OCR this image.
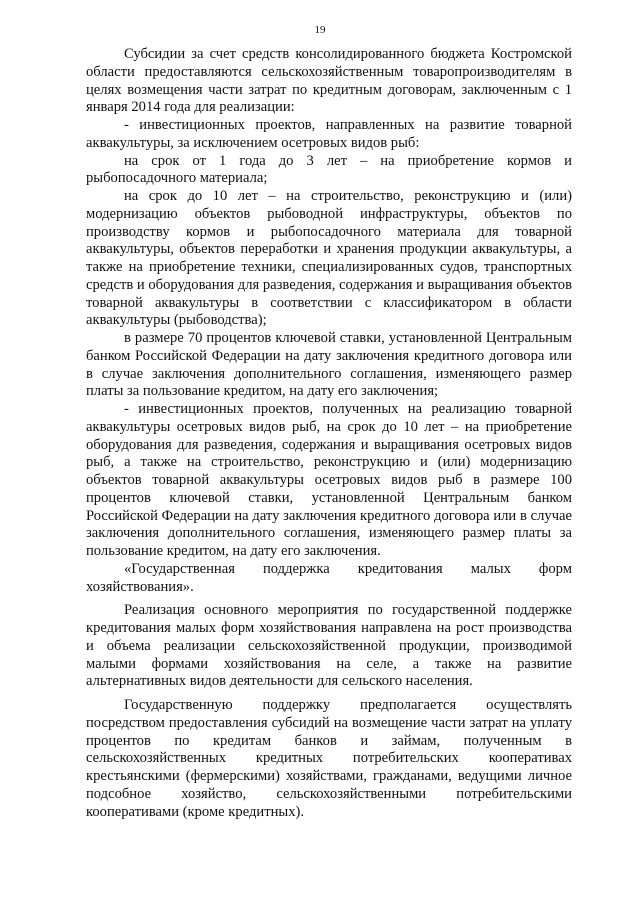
19

Субсидии за счет средств консолидированного бюджета Костромской области предоставляются сельскохозяйственным товаропроизводителям в целях возмещения части затрат по кредитным договорам, заключенным с 1 января 2014 года для реализации:

- инвестиционных проектов, направленных на развитие товарной аквакультуры, за исключением осетровых видов рыб:

на срок от 1 года до 3 лет – на приобретение кормов и рыбопосадочного материала;

на срок до 10 лет – на строительство, реконструкцию и (или) модернизацию объектов рыбоводной инфраструктуры, объектов по производству кормов и рыбопосадочного материала для товарной аквакультуры, объектов переработки и хранения продукции аквакультуры, а также на приобретение техники, специализированных судов, транспортных средств и оборудования для разведения, содержания и выращивания объектов товарной аквакультуры в соответствии с классификатором в области аквакультуры (рыбоводства);

в размере 70 процентов ключевой ставки, установленной Центральным банком Российской Федерации на дату заключения кредитного договора или в случае заключения дополнительного соглашения, изменяющего размер платы за пользование кредитом, на дату его заключения;

- инвестиционных проектов, полученных на реализацию товарной аквакультуры осетровых видов рыб, на срок до 10 лет – на приобретение оборудования для разведения, содержания и выращивания осетровых видов рыб, а также на строительство, реконструкцию и (или) модернизацию объектов товарной аквакультуры осетровых видов рыб в размере 100 процентов ключевой ставки, установленной Центральным банком Российской Федерации на дату заключения кредитного договора или в случае заключения дополнительного соглашения, изменяющего размер платы за пользование кредитом, на дату его заключения.

«Государственная поддержка кредитования малых форм хозяйствования».

Реализация основного мероприятия по государственной поддержке кредитования малых форм хозяйствования направлена на рост производства и объема реализации сельскохозяйственной продукции, производимой малыми формами хозяйствования на селе, а также на развитие альтернативных видов деятельности для сельского населения.

Государственную поддержку предполагается осуществлять посредством предоставления субсидий на возмещение части затрат на уплату процентов по кредитам банков и займам, полученным в сельскохозяйственных кредитных потребительских кооперативах крестьянскими (фермерскими) хозяйствами, гражданами, ведущими личное подсобное хозяйство, сельскохозяйственными потребительскими кооперативами (кроме кредитных).
